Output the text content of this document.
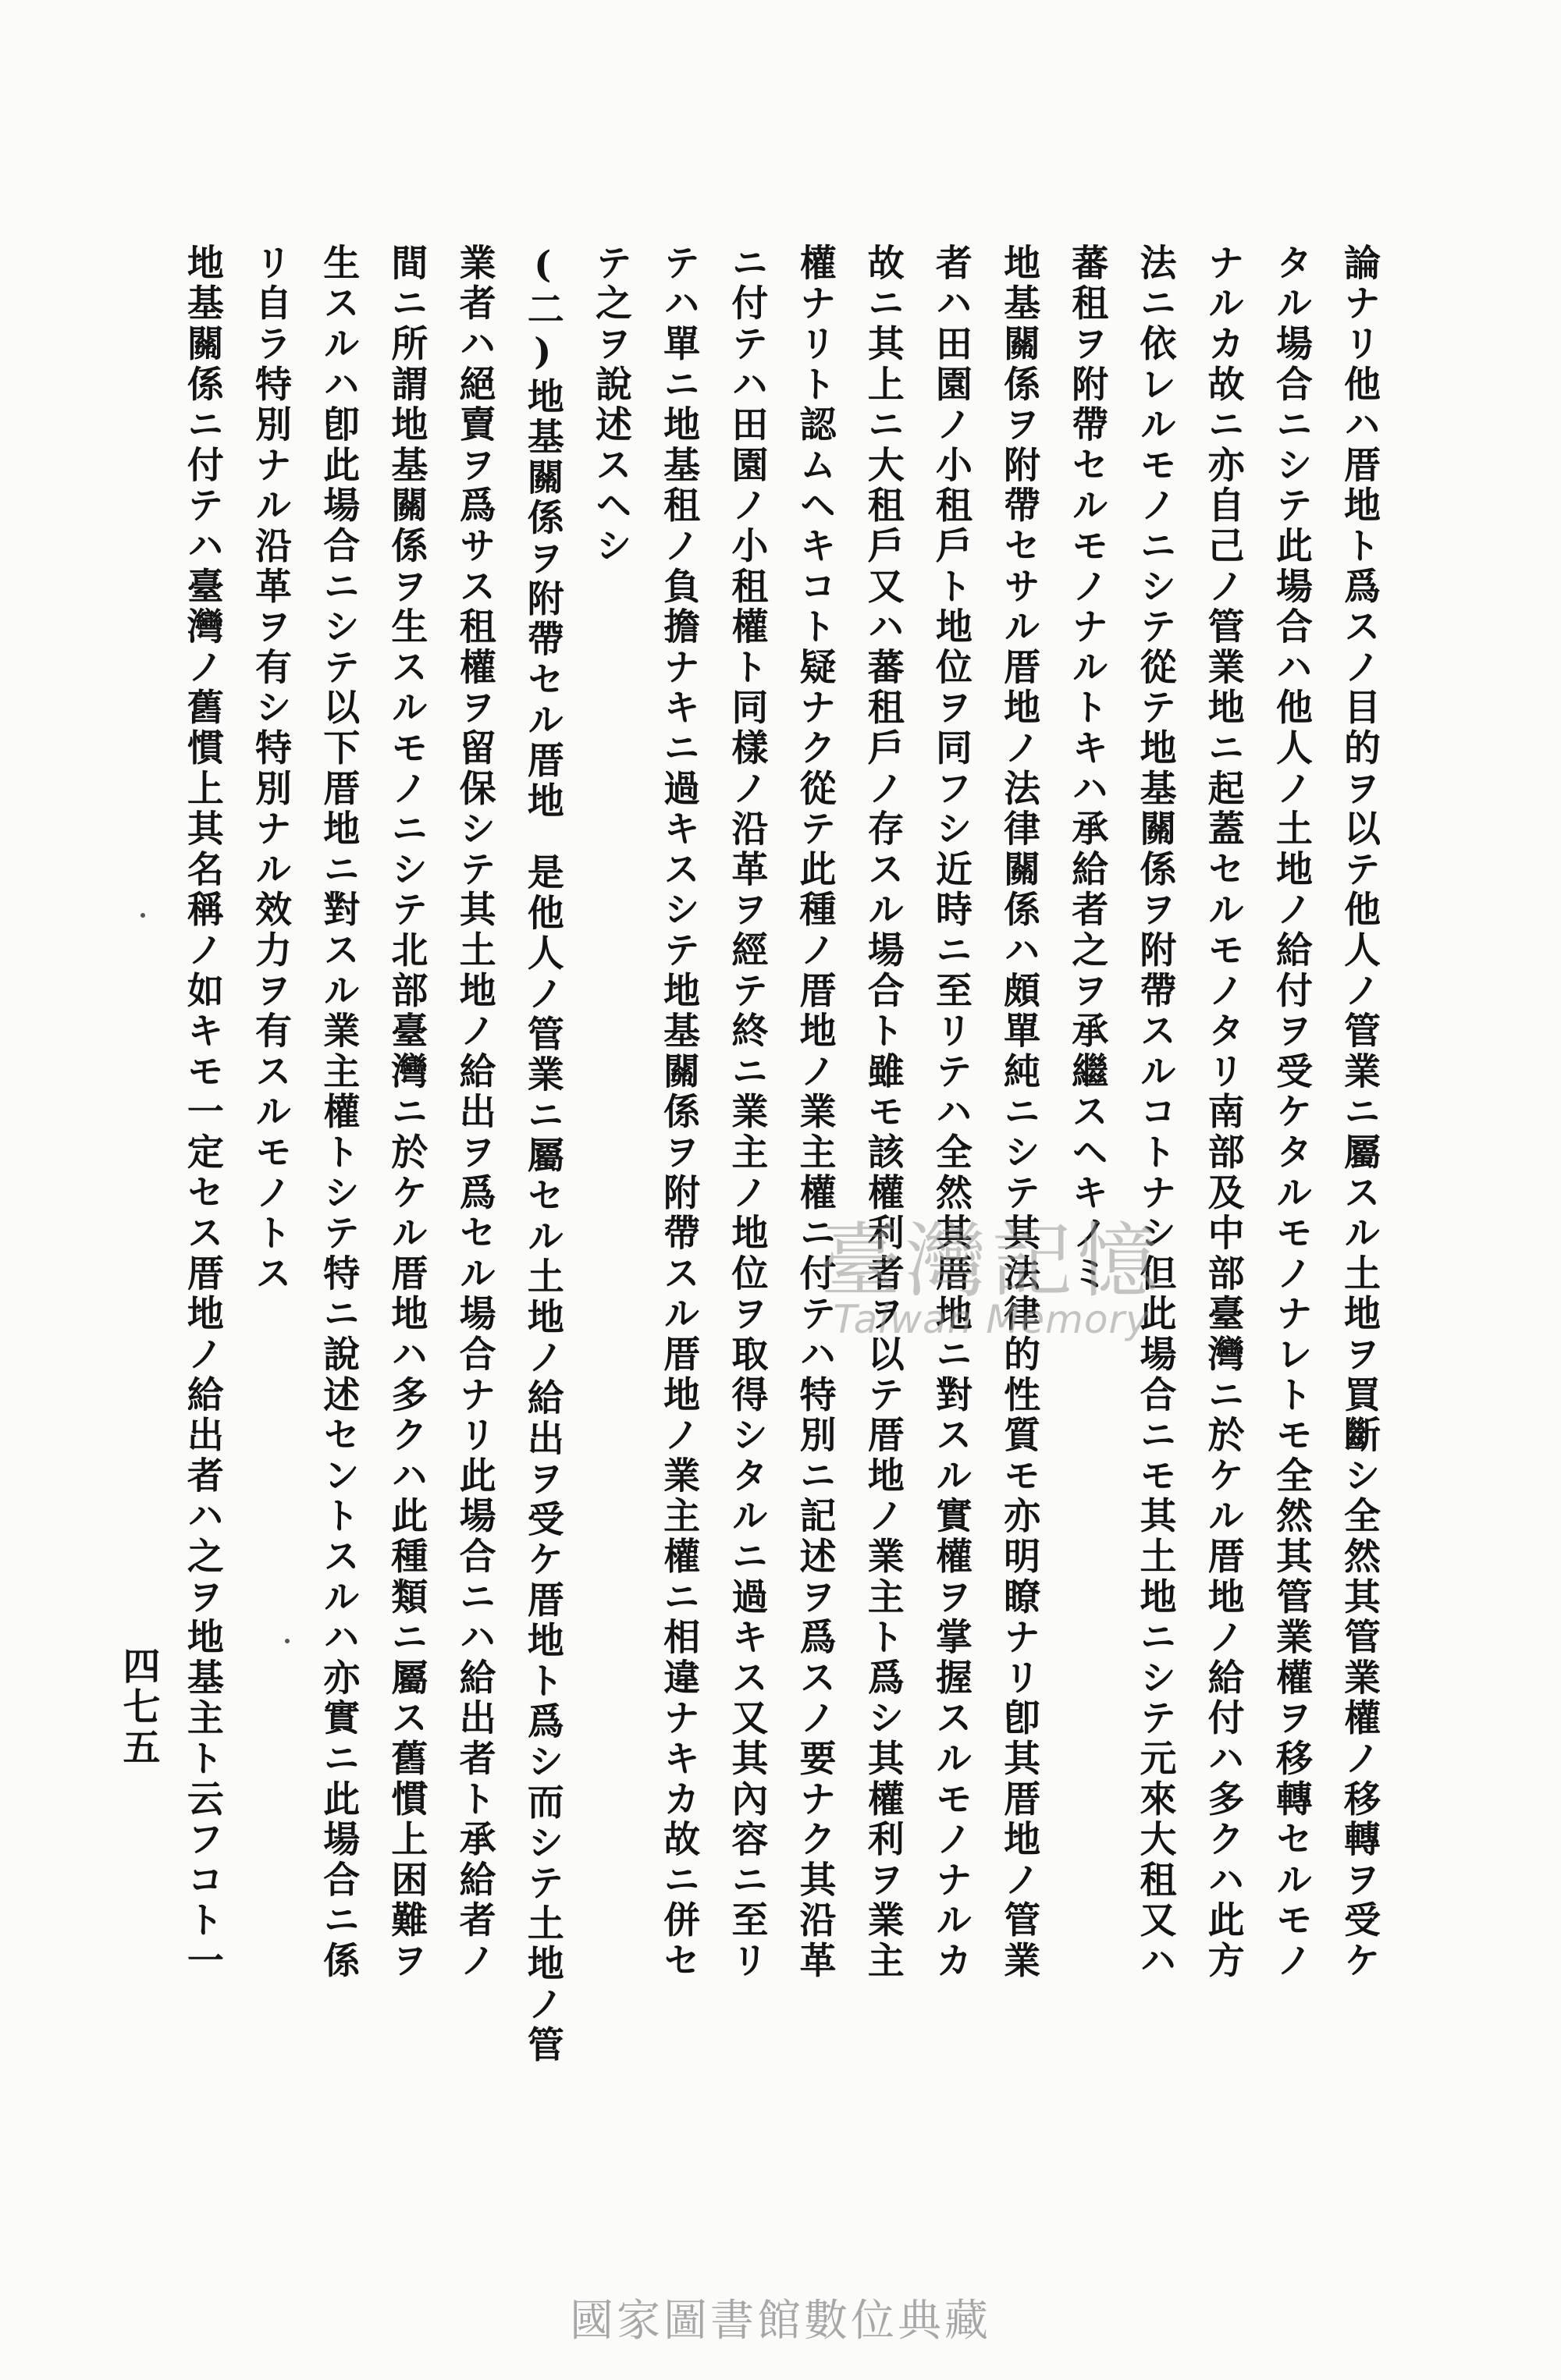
論ナリ他ハ厝地ト爲スノ目的ヲ以テ他人ノ管業ニ屬スル土地ヲ買斷シ全然其管業權ノ移轉ヲ受ケ
タル場合ニシテ此場合ハ他人ノ土地ノ給付ヲ受ケタルモノナレトモ全然其管業權ヲ移轉セルモノ
ナルカ故ニ亦自己ノ管業地ニ起蓋セルモノタリ南部及中部臺灣ニ於ケル厝地ノ給付ハ多クハ此方
法ニ依レルモノニシテ從テ地基關係ヲ附帶スルコトナシ但此場合ニモ其土地ニシテ元來大租又ハ
蕃租ヲ附帶セルモノナルトキハ承給者之ヲ承繼スヘキノミ
地基關係ヲ附帶セサル厝地ノ法律關係ハ頗單純ニシテ其法律的性質モ亦明瞭ナリ卽其厝地ノ管業
者ハ田園ノ小租戶ト地位ヲ同フシ近時ニ至リテハ全然其厝地ニ對スル實權ヲ掌握スルモノナルカ
故ニ其上ニ大租戶又ハ蕃租戶ノ存スル場合ト雖モ該權利者ヲ以テ厝地ノ業主ト爲シ其權利ヲ業主
權ナリト認ムヘキコト疑ナク從テ此種ノ厝地ノ業主權ニ付テハ特別ニ記述ヲ爲スノ要ナク其沿革
ニ付テハ田園ノ小租權ト同樣ノ沿革ヲ經テ終ニ業主ノ地位ヲ取得シタルニ過キス又其內容ニ至リ
テハ單ニ地基租ノ負擔ナキニ過キスシテ地基關係ヲ附帶スル厝地ノ業主權ニ相違ナキカ故ニ併セ
テ之ヲ說述スヘシ
(二)地基關係ヲ附帶セル厝地是他人ノ管業ニ屬セル土地ノ給出ヲ受ケ厝地ト爲シ而シテ土地ノ管
業者ハ絕賣ヲ爲サス租權ヲ留保シテ其土地ノ給出ヲ爲セル場合ナリ此場合ニハ給出者ト承給者ノ
間ニ所謂地基關係ヲ生スルモノニシテ北部臺灣ニ於ケル厝地ハ多クハ此種類ニ屬ス舊慣上困難ヲ
生スルハ卽此場合ニシテ以下厝地ニ對スル業主權トシテ特ニ說述セントスルハ亦實ニ此場合ニ係
リ自ラ特別ナル沿革ヲ有シ特別ナル效力ヲ有スルモノトス
地基關係ニ付テハ臺灣ノ舊慣上其名稱ノ如キモ一定セス厝地ノ給出者ハ之ヲ地基主ト云フコト一
四七五
臺灣記憶
Taiwan Memory
國家圖書館數位典藏
